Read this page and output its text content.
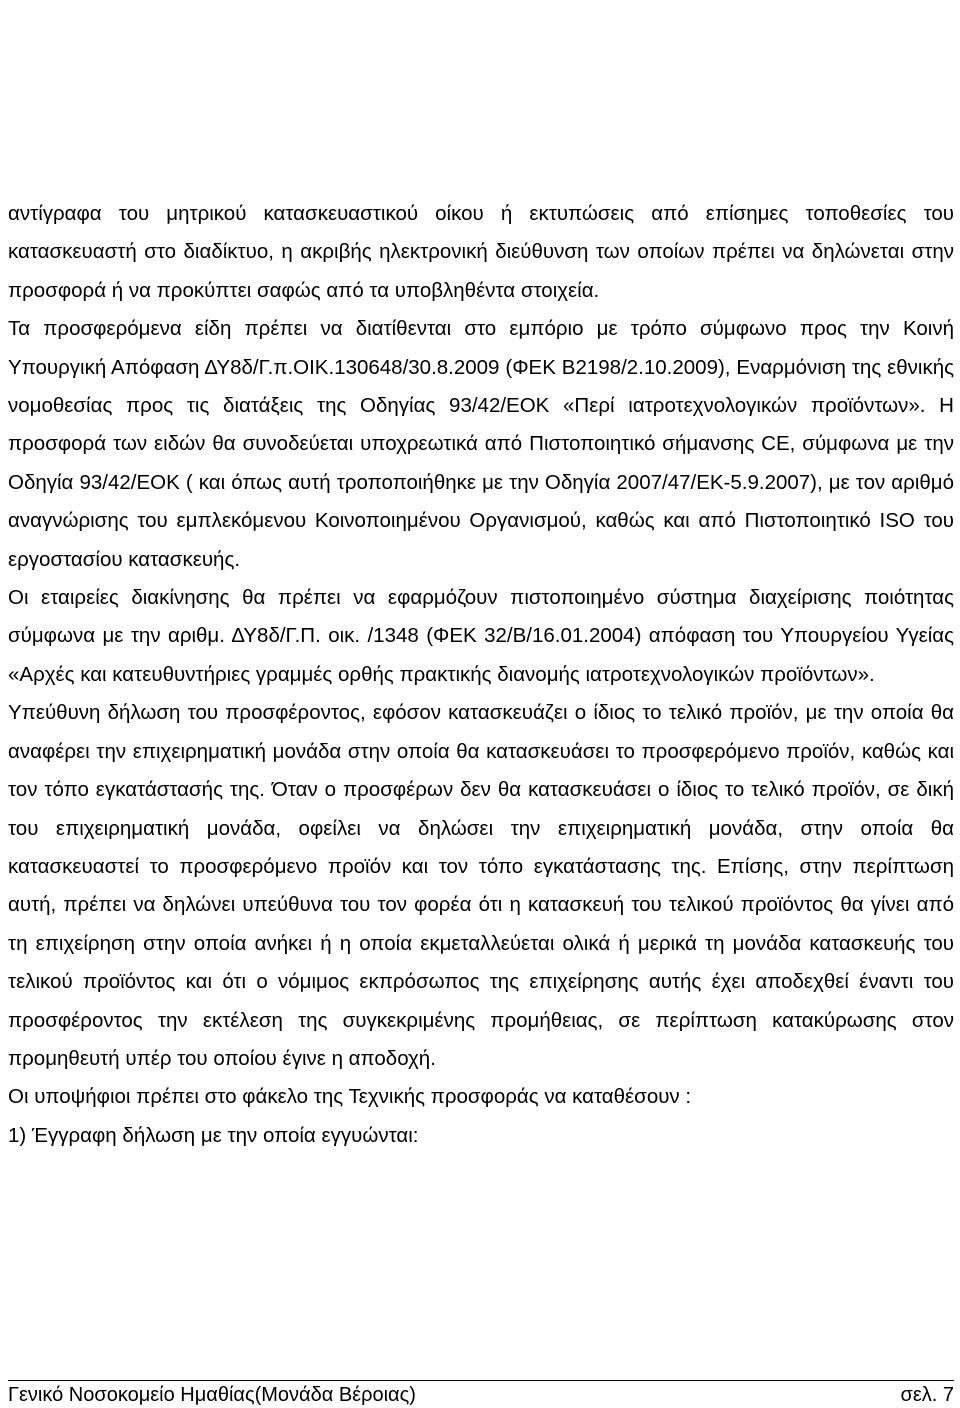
αντίγραφα του μητρικού κατασκευαστικού οίκου ή εκτυπώσεις από επίσημες τοποθεσίες του κατασκευαστή στο διαδίκτυο, η ακριβής ηλεκτρονική διεύθυνση των οποίων πρέπει να δηλώνεται στην προσφορά ή να προκύπτει σαφώς από τα υποβληθέντα στοιχεία.

Τα προσφερόμενα είδη πρέπει να διατίθενται στο εμπόριο με τρόπο σύμφωνο προς την Κοινή Υπουργική Απόφαση ΔΥ8δ/Γ.π.ΟΙΚ.130648/30.8.2009 (ΦΕΚ Β2198/2.10.2009), Εναρμόνιση της εθνικής νομοθεσίας προς τις διατάξεις της Οδηγίας 93/42/ΕΟΚ «Περί ιατροτεχνολογικών προϊόντων». Η προσφορά των ειδών θα συνοδεύεται υποχρεωτικά από Πιστοποιητικό σήμανσης CE, σύμφωνα με την Οδηγία 93/42/ΕΟΚ ( και όπως αυτή τροποποιήθηκε με την Οδηγία 2007/47/ΕΚ-5.9.2007), με τον αριθμό αναγνώρισης του εμπλεκόμενου Κοινοποιημένου Οργανισμού, καθώς και από Πιστοποιητικό ISO του εργοστασίου κατασκευής.

Οι εταιρείες διακίνησης θα πρέπει να εφαρμόζουν πιστοποιημένο σύστημα διαχείρισης ποιότητας σύμφωνα με την αριθμ. ΔΥ8δ/Γ.Π. οικ. /1348 (ΦΕΚ 32/Β/16.01.2004) απόφαση του Υπουργείου Υγείας «Αρχές και κατευθυντήριες γραμμές ορθής πρακτικής διανομής ιατροτεχνολογικών προϊόντων».

Υπεύθυνη δήλωση του προσφέροντος, εφόσον κατασκευάζει ο ίδιος το τελικό προϊόν, με την οποία θα αναφέρει την επιχειρηματική μονάδα στην οποία θα κατασκευάσει το προσφερόμενο προϊόν, καθώς και τον τόπο εγκατάστασής της. Όταν ο προσφέρων δεν θα κατασκευάσει ο ίδιος το τελικό προϊόν, σε δική του επιχειρηματική μονάδα, οφείλει να δηλώσει την επιχειρηματική μονάδα, στην οποία θα κατασκευαστεί το προσφερόμενο προϊόν και τον τόπο εγκατάστασης της. Επίσης, στην περίπτωση αυτή, πρέπει να δηλώνει υπεύθυνα του τον φορέα ότι η κατασκευή του τελικού προϊόντος θα γίνει από τη επιχείρηση στην οποία ανήκει ή η οποία εκμεταλλεύεται ολικά ή μερικά τη μονάδα κατασκευής του τελικού προϊόντος και ότι ο νόμιμος εκπρόσωπος της επιχείρησης αυτής έχει αποδεχθεί έναντι του προσφέροντος την εκτέλεση της συγκεκριμένης προμήθειας, σε περίπτωση κατακύρωσης στον προμηθευτή υπέρ του οποίου έγινε η αποδοχή.

Οι υποψήφιοι πρέπει στο φάκελο της Τεχνικής προσφοράς να καταθέσουν :

1) Έγγραφη δήλωση με την οποία εγγυώνται:

Γενικό Νοσοκομείο Ημαθίας(Μονάδα Βέροιας)	σελ. 7
